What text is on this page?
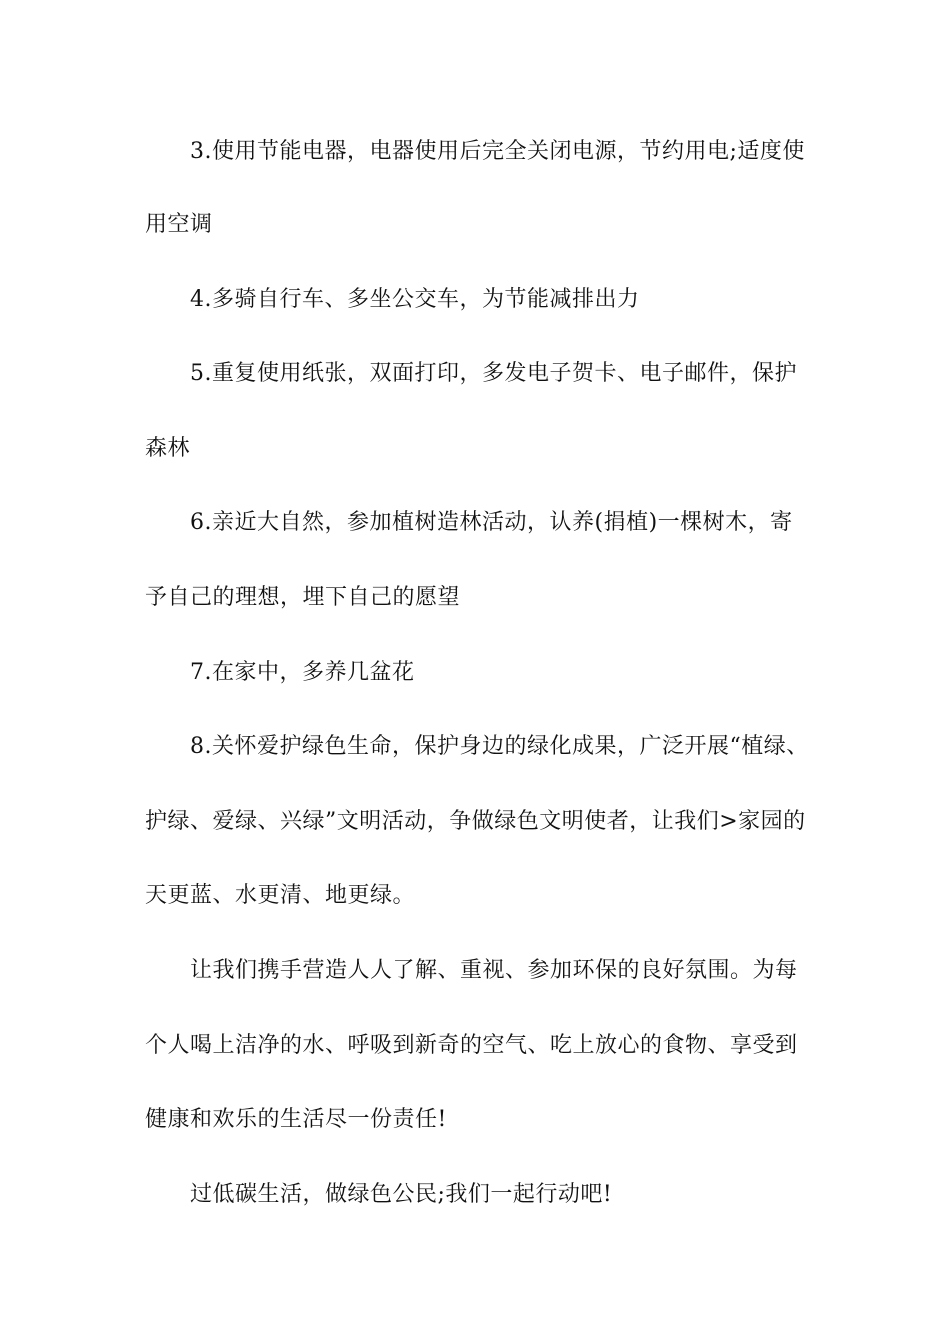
3.使用节能电器，电器使用后完全关闭电源，节约用电;适度使
用空调
4.多骑自行车、多坐公交车，为节能减排出力
5.重复使用纸张，双面打印，多发电子贺卡、电子邮件，保护
森林
6.亲近大自然，参加植树造林活动，认养(捐植)一棵树木，寄
予自己的理想，埋下自己的愿望
7.在家中，多养几盆花
8.关怀爱护绿色生命，保护身边的绿化成果，广泛开展“植绿、
护绿、爱绿、兴绿”文明活动，争做绿色文明使者，让我们>家园的
天更蓝、水更清、地更绿。
让我们携手营造人人了解、重视、参加环保的良好氛围。为每
个人喝上洁净的水、呼吸到新奇的空气、吃上放心的食物、享受到
健康和欢乐的生活尽一份责任!
过低碳生活，做绿色公民;我们一起行动吧!
